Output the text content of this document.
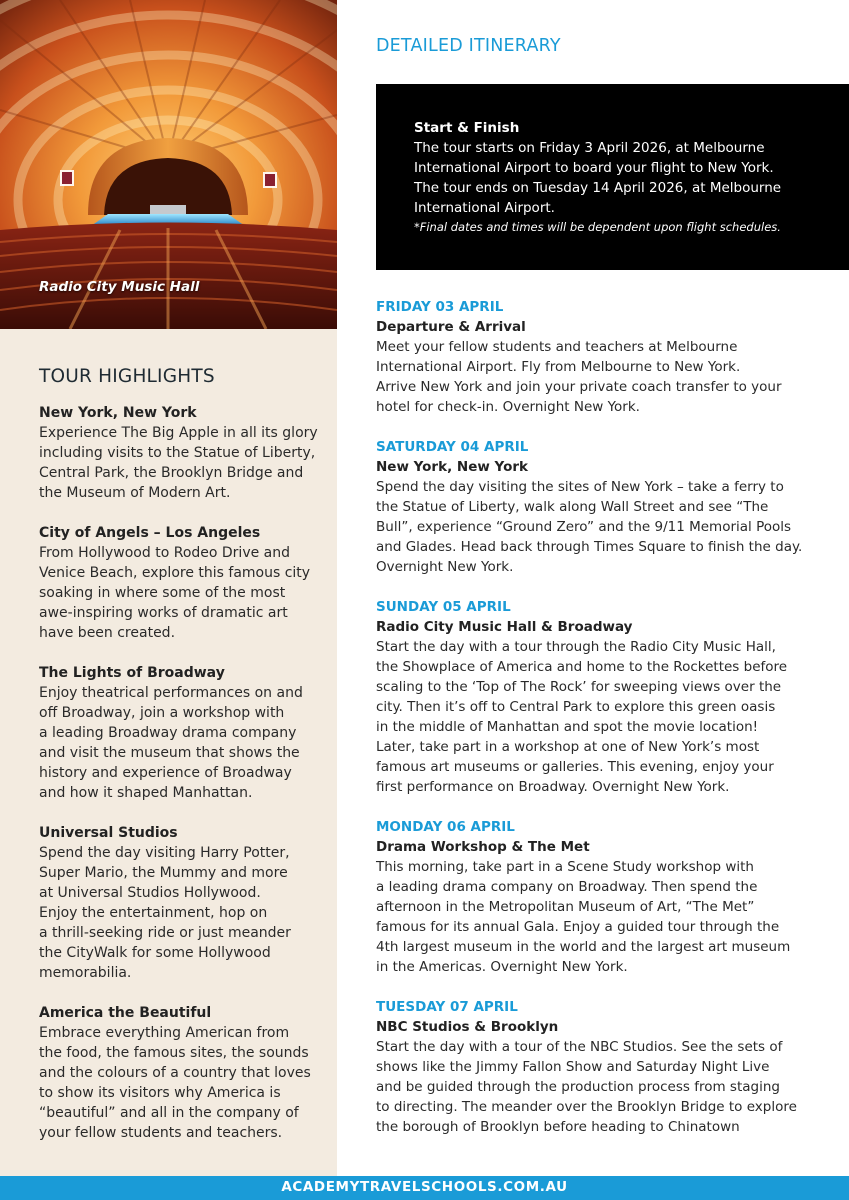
Radio City Music Hall
TOUR HIGHLIGHTS
New York, New York
Experience The Big Apple in all its glory
including visits to the Statue of Liberty,
Central Park, the Brooklyn Bridge and
the Museum of Modern Art.
City of Angels – Los Angeles
From Hollywood to Rodeo Drive and
Venice Beach, explore this famous city
soaking in where some of the most
awe-inspiring works of dramatic art
have been created.
The Lights of Broadway
Enjoy theatrical performances on and
off Broadway, join a workshop with
a leading Broadway drama company
and visit the museum that shows the
history and experience of Broadway
and how it shaped Manhattan.
Universal Studios
Spend the day visiting Harry Potter,
Super Mario, the Mummy and more
at Universal Studios Hollywood.
Enjoy the entertainment, hop on
a thrill-seeking ride or just meander
the CityWalk for some Hollywood
memorabilia.
America the Beautiful
Embrace everything American from
the food, the famous sites, the sounds
and the colours of a country that loves
to show its visitors why America is
“beautiful” and all in the company of
your fellow students and teachers.
DETAILED ITINERARY
Start & Finish
The tour starts on Friday 3 April 2026, at Melbourne
International Airport to board your flight to New York.
The tour ends on Tuesday 14 April 2026, at Melbourne
International Airport.
*Final dates and times will be dependent upon flight schedules.
FRIDAY 03 APRIL
Departure & Arrival
Meet your fellow students and teachers at Melbourne
International Airport. Fly from Melbourne to New York.
Arrive New York and join your private coach transfer to your
hotel for check-in. Overnight New York.
SATURDAY 04 APRIL
New York, New York
Spend the day visiting the sites of New York – take a ferry to
the Statue of Liberty, walk along Wall Street and see “The
Bull”, experience “Ground Zero” and the 9/11 Memorial Pools
and Glades. Head back through Times Square to finish the day.
Overnight New York.
SUNDAY 05 APRIL
Radio City Music Hall & Broadway
Start the day with a tour through the Radio City Music Hall,
the Showplace of America and home to the Rockettes before
scaling to the ‘Top of The Rock’ for sweeping views over the
city. Then it’s off to Central Park to explore this green oasis
in the middle of Manhattan and spot the movie location!
Later, take part in a workshop at one of New York’s most
famous art museums or galleries. This evening, enjoy your
first performance on Broadway. Overnight New York.
MONDAY 06 APRIL
Drama Workshop & The Met
This morning, take part in a Scene Study workshop with
a leading drama company on Broadway. Then spend the
afternoon in the Metropolitan Museum of Art, “The Met”
famous for its annual Gala. Enjoy a guided tour through the
4th largest museum in the world and the largest art museum
in the Americas. Overnight New York.
TUESDAY 07 APRIL
NBC Studios & Brooklyn
Start the day with a tour of the NBC Studios. See the sets of
shows like the Jimmy Fallon Show and Saturday Night Live
and be guided through the production process from staging
to directing. The meander over the Brooklyn Bridge to explore
the borough of Brooklyn before heading to Chinatown
ACADEMYTRAVELSCHOOLS.COM.AU
